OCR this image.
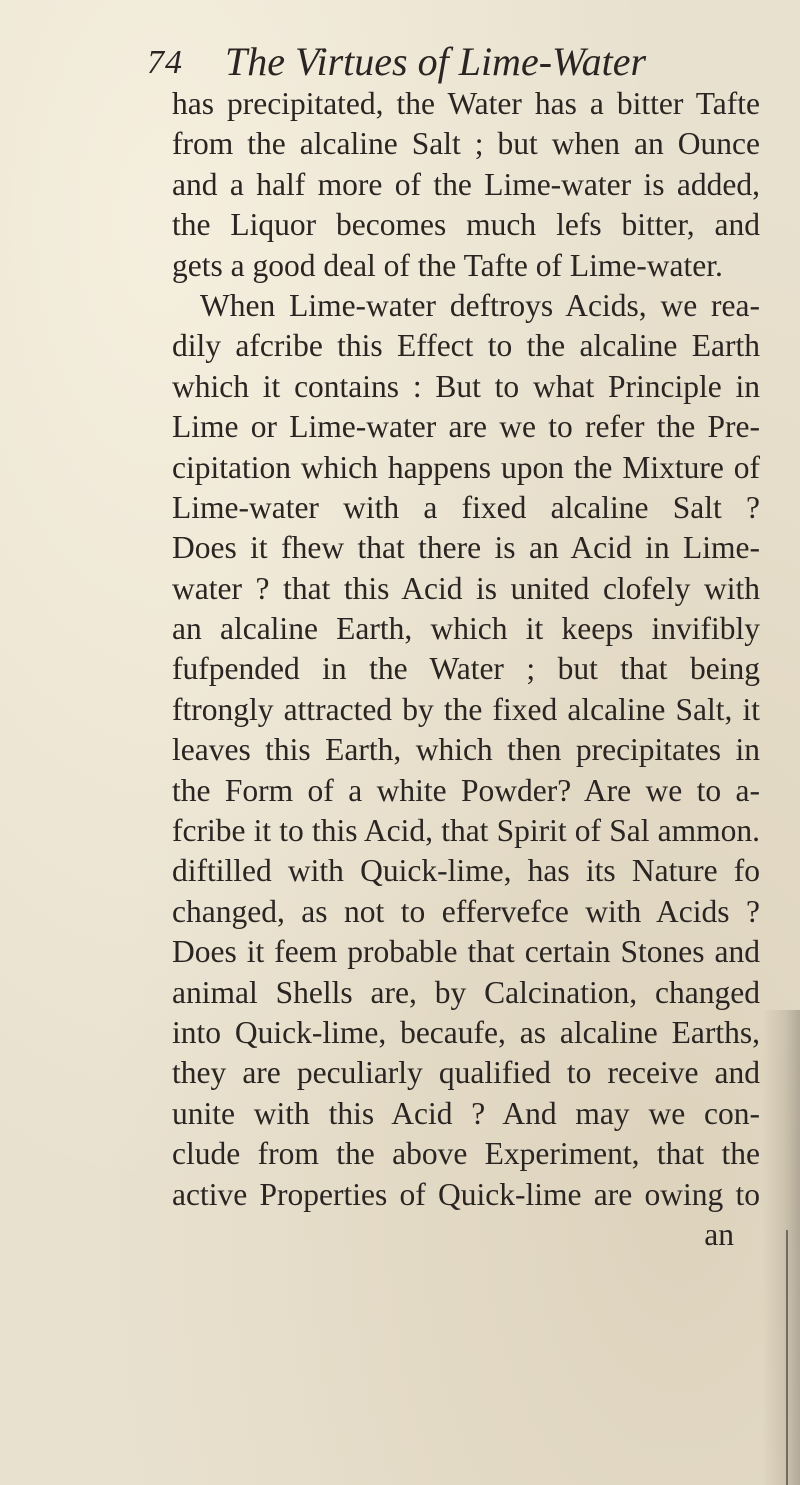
74 The Virtues of Lime-Water
has precipitated, the Water has a bitter Tafte
from the alcaline Salt ; but when an Ounce
and a half more of the Lime-water is added,
the Liquor becomes much lefs bitter, and
gets a good deal of the Tafte of Lime-water.
When Lime-water deftroys Acids, we rea-
dily afcribe this Effect to the alcaline Earth
which it contains : But to what Principle in
Lime or Lime-water are we to refer the Pre-
cipitation which happens upon the Mixture of
Lime-water with a fixed alcaline Salt ?
Does it fhew that there is an Acid in Lime-
water ? that this Acid is united clofely with
an alcaline Earth, which it keeps invifibly
fufpended in the Water ; but that being
ftrongly attracted by the fixed alcaline Salt, it
leaves this Earth, which then precipitates in
the Form of a white Powder? Are we to a-
fcribe it to this Acid, that Spirit of Sal ammon.
diftilled with Quick-lime, has its Nature fo
changed, as not to effervefce with Acids ?
Does it feem probable that certain Stones and
animal Shells are, by Calcination, changed
into Quick-lime, becaufe, as alcaline Earths,
they are peculiarly qualified to receive and
unite with this Acid ? And may we con-
clude from the above Experiment, that the
active Properties of Quick-lime are owing to
an
